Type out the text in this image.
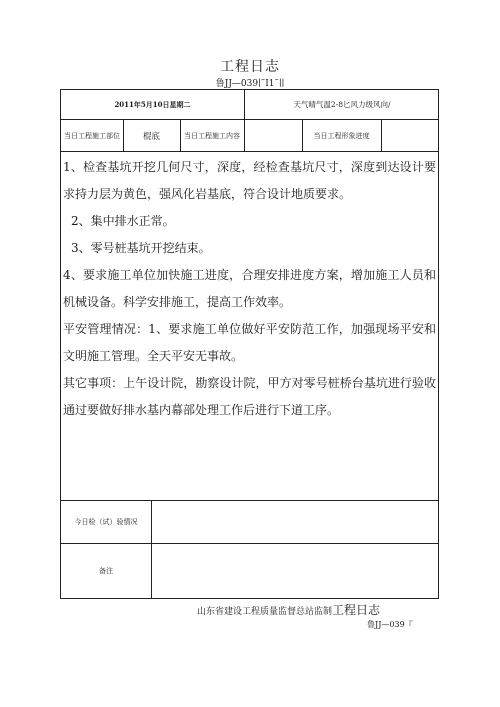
工程日志
鲁JJ—039∣˜I1˜∣∣
2011年5月10日星期二	天气晴气温2-8匕风力级风向/
当日工程施工部位	棍底	当日工程施工内容	当日工程形象进度

1、检查基坑开挖几何尺寸，深度，经检查基坑尺寸，深度到达设计要求持力层为黄色，强风化岩基底，符合设计地质要求。

2、集中排水正常。

3、零号桩基坑开挖结束。

4、要求施工单位加快施工进度，合理安排进度方案，增加施工人员和机械设备。科学安排施工，提高工作效率。

平安管理情况：1、要求施工单位做好平安防范工作，加强现场平安和文明施工管理。全天平安无事故。

其它事项：上午设计院，勘察设计院，甲方对零号桩桥台基坑进行验收通过要做好排水基内幕部处理工作后进行下道工序。

今日检（试）验情况
备注
山东省建设工程质量监督总站监制工程日志
鲁JJ—039『
